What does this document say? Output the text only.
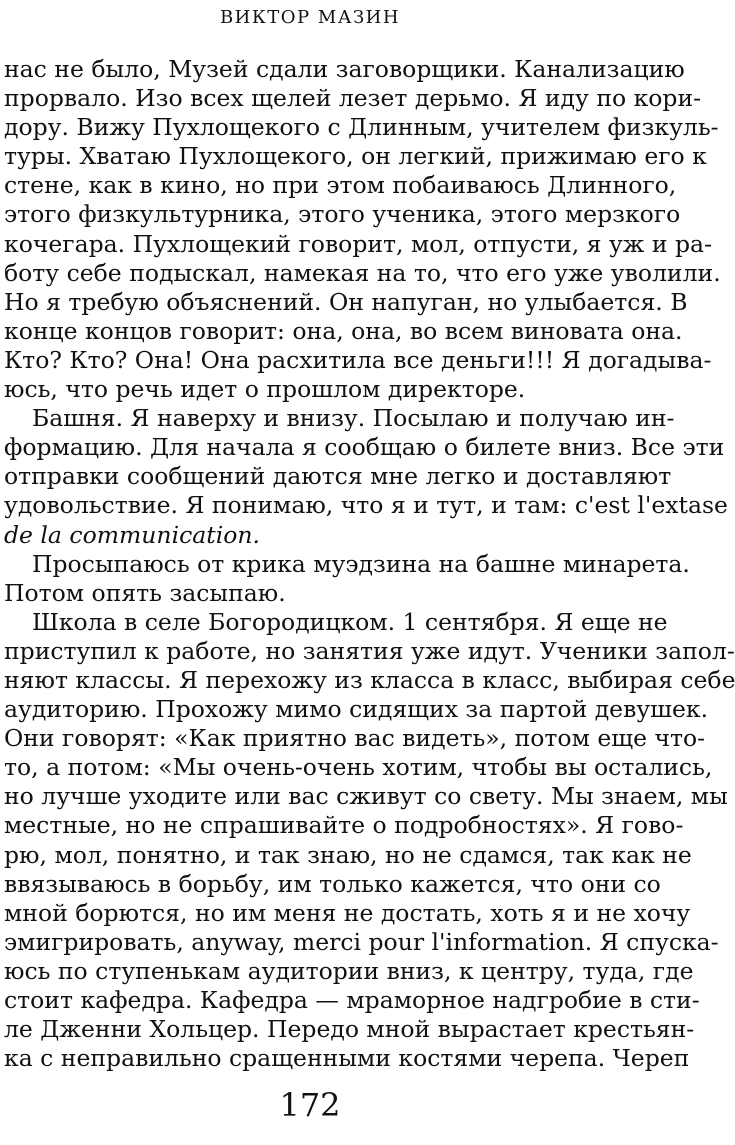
ВИКТОР МАЗИН
нас не было, Музей сдали заговорщики. Канализацию
прорвало. Изо всех щелей лезет дерьмо. Я иду по кори-
дору. Вижу Пухлощекого с Длинным, учителем физкуль-
туры. Хватаю Пухлощекого, он легкий, прижимаю его к
стене, как в кино, но при этом побаиваюсь Длинного,
этого физкультурника, этого ученика, этого мерзкого
кочегара. Пухлощекий говорит, мол, отпусти, я уж и ра-
боту себе подыскал, намекая на то, что его уже уволили.
Но я требую объяснений. Он напуган, но улыбается. В
конце концов говорит: она, она, во всем виновата она.
Кто? Кто? Она! Она расхитила все деньги!!! Я догадыва-
юсь, что речь идет о прошлом директоре.
Башня. Я наверху и внизу. Посылаю и получаю ин-
формацию. Для начала я сообщаю о билете вниз. Все эти
отправки сообщений даются мне легко и доставляют
удовольствие. Я понимаю, что я и тут, и там: c'est l'extase
de la communication.
Просыпаюсь от крика муэдзина на башне минарета.
Потом опять засыпаю.
Школа в селе Богородицком. 1 сентября. Я еще не
приступил к работе, но занятия уже идут. Ученики запол-
няют классы. Я перехожу из класса в класс, выбирая себе
аудиторию. Прохожу мимо сидящих за партой девушек.
Они говорят: «Как приятно вас видеть», потом еще что-
то, а потом: «Мы очень-очень хотим, чтобы вы остались,
но лучше уходите или вас сживут со свету. Мы знаем, мы
местные, но не спрашивайте о подробностях». Я гово-
рю, мол, понятно, и так знаю, но не сдамся, так как не
ввязываюсь в борьбу, им только кажется, что они со
мной борются, но им меня не достать, хоть я и не хочу
эмигрировать, anyway, merci pour l'information. Я спуска-
юсь по ступенькам аудитории вниз, к центру, туда, где
стоит кафедра. Кафедра — мраморное надгробие в сти-
ле Дженни Хольцер. Передо мной вырастает крестьян-
ка с неправильно сращенными костями черепа. Череп
172
